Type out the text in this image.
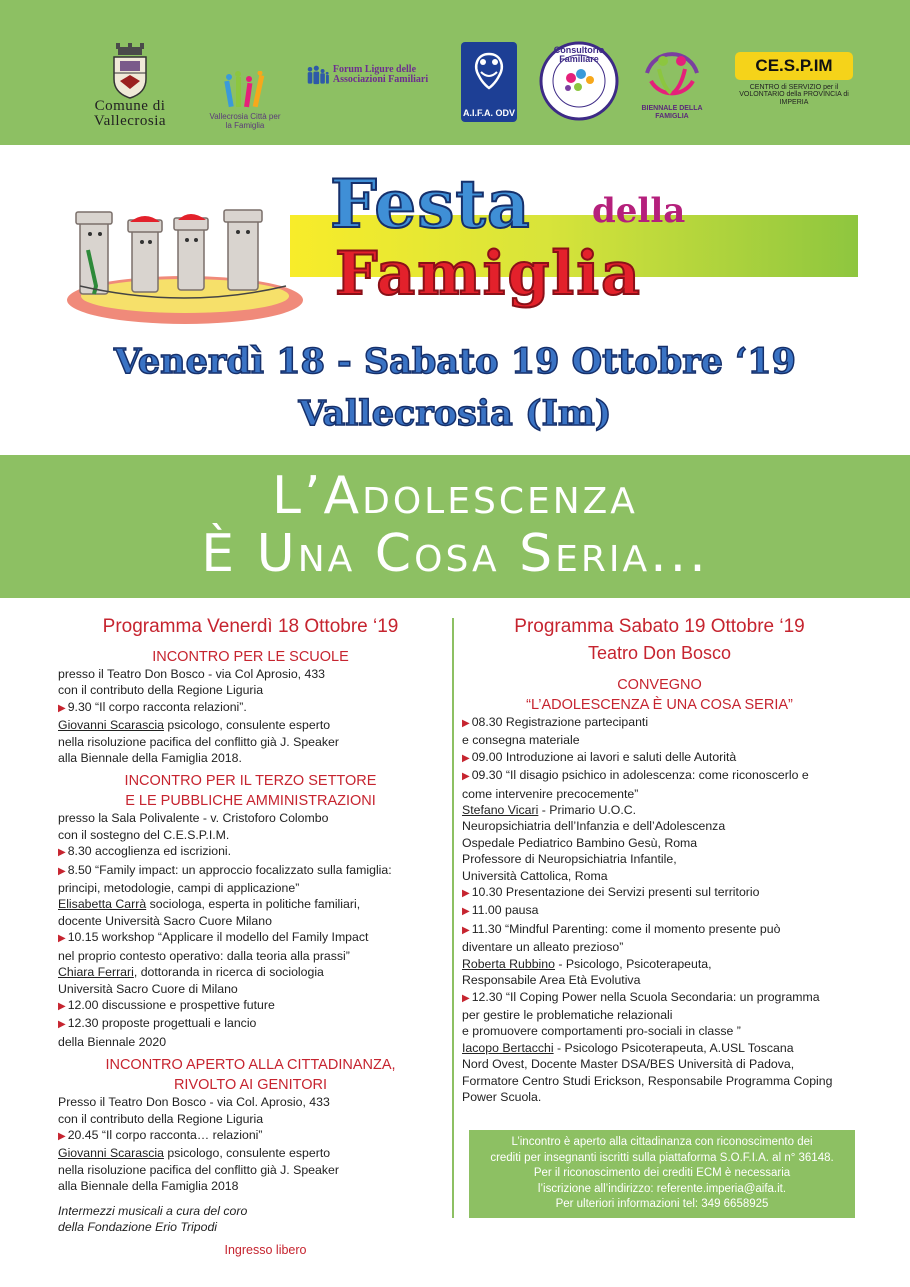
Comune di
Vallecrosia	Vallecrosia Città per la Famiglia
Forum Ligure delle Associazioni Familiari
A.I.F.A. ODV
Consultorio Familiare
BIENNALE DELLA FAMIGLIA
CE.S.P.IM
CENTRO di SERVIZIO per il VOLONTARIO della PROVINCIA di IMPERIA
Festa della
Famiglia
Venerdì 18 - Sabato 19 Ottobre ‘19
Vallecrosia (Im)
L’Adolescenza
È Una Cosa Seria...
Programma Venerdì 18 Ottobre ‘19
INCONTRO PER LE SCUOLE
presso il Teatro Don Bosco - via Col Aprosio, 433
con il contributo della Regione Liguria
▶ 9.30 “Il corpo racconta relazioni”.
Giovanni Scarascia psicologo, consulente esperto
nella risoluzione pacifica del conflitto già J. Speaker
alla Biennale della Famiglia 2018.
INCONTRO PER IL TERZO SETTORE
E LE PUBBLICHE AMMINISTRAZIONI
presso la Sala Polivalente - v. Cristoforo Colombo
con il sostegno del C.E.S.P.I.M.
▶ 8.30 accoglienza ed iscrizioni.
▶ 8.50 “Family impact: un approccio focalizzato sulla famiglia:
principi, metodologie, campi di applicazione”
Elisabetta Carrà sociologa, esperta in politiche familiari,
docente Università Sacro Cuore Milano
▶ 10.15 workshop “Applicare il modello del Family Impact
nel proprio contesto operativo: dalla teoria alla prassi”
Chiara Ferrari, dottoranda in ricerca di sociologia
Università Sacro Cuore di Milano
▶ 12.00 discussione e prospettive future
▶ 12.30 proposte progettuali e lancio
della Biennale 2020
INCONTRO APERTO ALLA CITTADINANZA,
RIVOLTO AI GENITORI
Presso il Teatro Don Bosco - via Col. Aprosio, 433
con il contributo della Regione Liguria
▶ 20.45 “Il corpo racconta… relazioni”
Giovanni Scarascia psicologo, consulente esperto
nella risoluzione pacifica del conflitto già J. Speaker
alla Biennale della Famiglia 2018
Intermezzi musicali a cura del coro
della Fondazione Erio Tripodi
Ingresso libero
Programma Sabato 19 Ottobre ‘19
Teatro Don Bosco
CONVEGNO
“L’ADOLESCENZA È UNA COSA SERIA”
▶ 08.30 Registrazione partecipanti
e consegna materiale
▶ 09.00 Introduzione ai lavori e saluti delle Autorità
▶ 09.30 “Il disagio psichico in adolescenza: come riconoscerlo e
come intervenire precocemente”
Stefano Vicari - Primario U.O.C.
Neuropsichiatria dell’Infanzia e dell’Adolescenza
Ospedale Pediatrico Bambino Gesù, Roma
Professore di Neuropsichiatria Infantile,
Università Cattolica, Roma
▶ 10.30 Presentazione dei Servizi presenti sul territorio
▶ 11.00 pausa
▶ 11.30 “Mindful Parenting: come il momento presente può
diventare un alleato prezioso”
Roberta Rubbino - Psicologo, Psicoterapeuta,
Responsabile Area Età Evolutiva
▶ 12.30 “Il Coping Power nella Scuola Secondaria: un programma
per gestire le problematiche relazionali
e promuovere comportamenti pro-sociali in classe ”
Iacopo Bertacchi - Psicologo Psicoterapeuta, A.USL Toscana
Nord Ovest, Docente Master DSA/BES Università di Padova,
Formatore Centro Studi Erickson, Responsabile Programma Coping
Power Scuola.
L’incontro è aperto alla cittadinanza con riconoscimento dei
crediti per insegnanti iscritti sulla piattaforma S.O.F.I.A. al n° 36148.
Per il riconoscimento dei crediti ECM è necessaria
l’iscrizione all’indirizzo: referente.imperia@aifa.it.
Per ulteriori informazioni tel: 349 6658925
